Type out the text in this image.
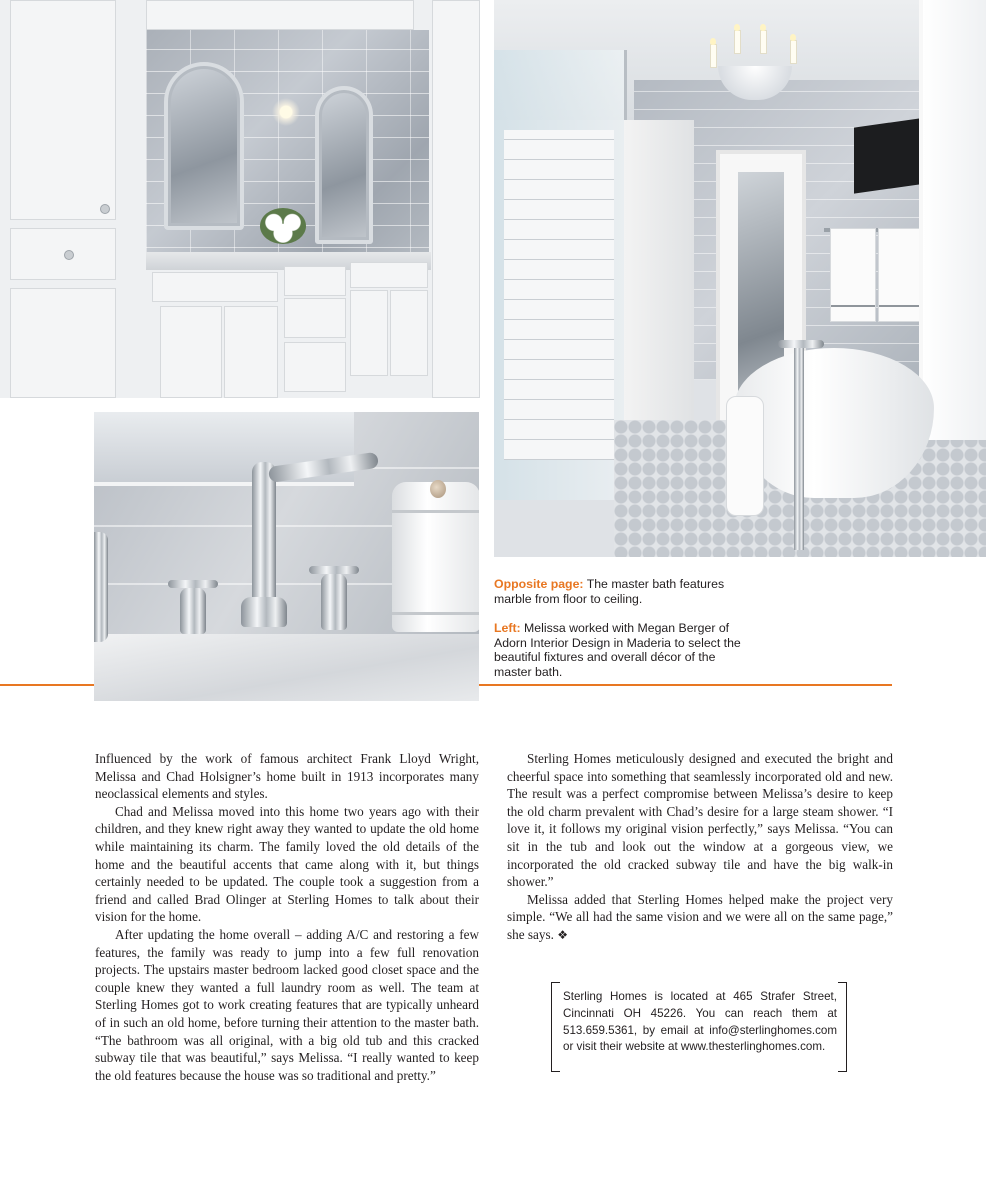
Opposite page: The master bath features marble from floor to ceiling.
Left: Melissa worked with Megan Berger of Adorn Interior Design in Maderia to select the beautiful fixtures and overall décor of the master bath.

Influenced by the work of famous architect Frank Lloyd Wright, Melissa and Chad Holsigner’s home built in 1913 incorporates many neoclassical elements and styles.

Chad and Melissa moved into this home two years ago with their children, and they knew right away they wanted to update the old home while maintaining its charm. The family loved the old details of the home and the beautiful accents that came along with it, but things certainly needed to be updated. The couple took a suggestion from a friend and called Brad Olinger at Sterling Homes to talk about their vision for the home.

After updating the home overall – adding A/C and restoring a few features, the family was ready to jump into a few full renovation projects. The upstairs master bedroom lacked good closet space and the couple knew they wanted a full laundry room as well. The team at Sterling Homes got to work creating features that are typically unheard of in such an old home, before turning their attention to the master bath. “The bathroom was all original, with a big old tub and this cracked subway tile that was beautiful,” says Melissa. “I really wanted to keep the old features because the house was so traditional and pretty.”

Sterling Homes meticulously designed and executed the bright and cheerful space into something that seamlessly incorporated old and new. The result was a perfect compromise between Melissa’s desire to keep the old charm prevalent with Chad’s desire for a large steam shower. “I love it, it follows my original vision perfectly,” says Melissa. “You can sit in the tub and look out the window at a gorgeous view, we incorporated the old cracked subway tile and have the big walk-in shower.”

Melissa added that Sterling Homes helped make the project very simple. “We all had the same vision and we were all on the same page,” she says. ❖

Sterling Homes is located at 465 Strafer Street, Cincinnati OH 45226. You can reach them at 513.659.5361, by email at info@sterlinghomes.com or visit their website at www.thesterlinghomes.com.
